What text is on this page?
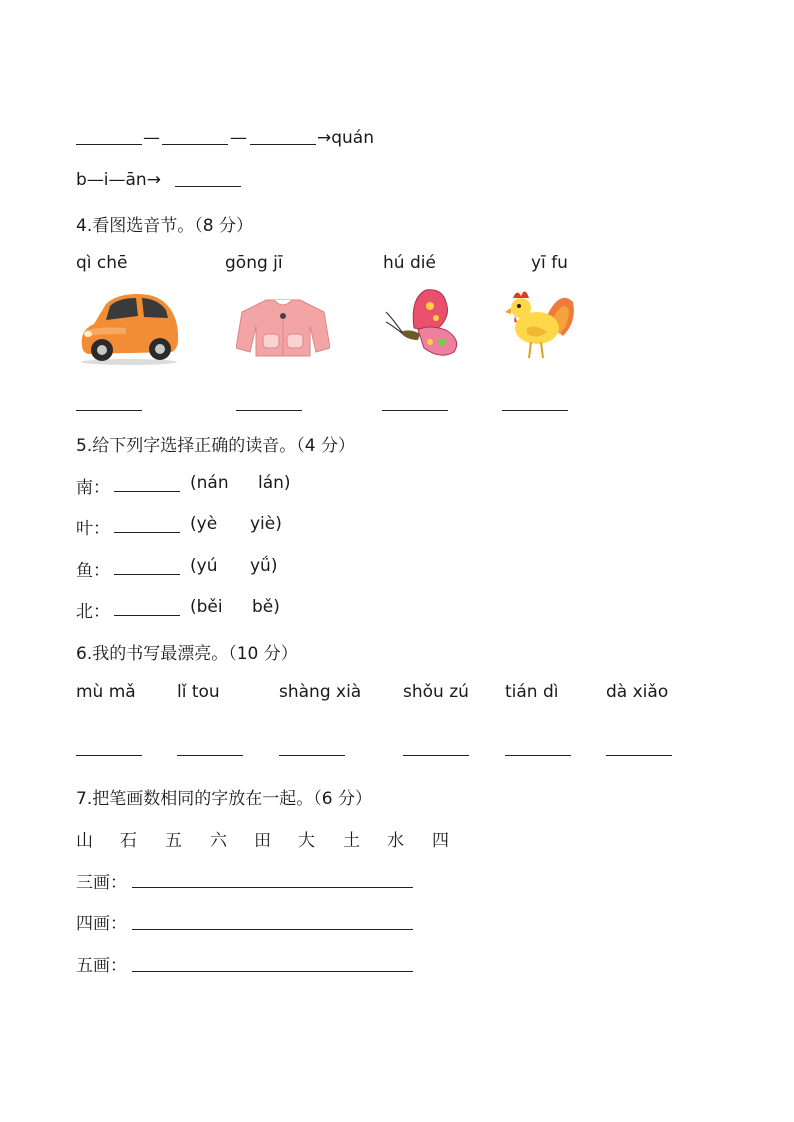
—	—	→quán
b—i—ān→
4.看图选音节。（8 分）
qì chē	gōng jī	hú dié	yī fu
5.给下列字选择正确的读音。（4 分）
南：	(nán lán)
叶：	(yè yiè)
鱼：	(yú yǘ)
北：	(běi bě)
6.我的书写最漂亮。（10 分）
mù mǎ lǐ tou	shàng xià shǒu zú tián dì	dà xiǎo
7.把笔画数相同的字放在一起。（6 分）
山 石 五 六 田 大 土 水 四
三画：
四画：
五画：
